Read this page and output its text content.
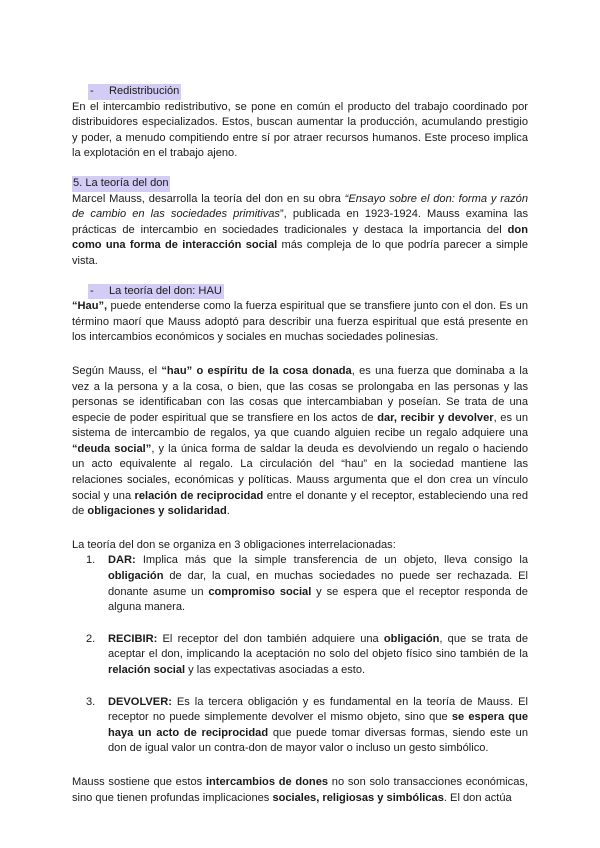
- Redistribución

En el intercambio redistributivo, se pone en común el producto del trabajo coordinado por distribuidores especializados. Estos, buscan aumentar la producción, acumulando prestigio y poder, a menudo compitiendo entre sí por atraer recursos humanos. Este proceso implica la explotación en el trabajo ajeno.

5. La teoría del don

Marcel Mauss, desarrolla la teoría del don en su obra “Ensayo sobre el don: forma y razón de cambio en las sociedades primitivas”, publicada en 1923-1924. Mauss examina las prácticas de intercambio en sociedades tradicionales y destaca la importancia del don como una forma de interacción social más compleja de lo que podría parecer a simple vista.

- La teoría del don: HAU

“Hau”, puede entenderse como la fuerza espiritual que se transfiere junto con el don. Es un término maorí que Mauss adoptó para describir una fuerza espiritual que está presente en los intercambios económicos y sociales en muchas sociedades polinesias.

Según Mauss, el “hau” o espíritu de la cosa donada, es una fuerza que dominaba a la vez a la persona y a la cosa, o bien, que las cosas se prolongaba en las personas y las personas se identificaban con las cosas que intercambiaban y poseían. Se trata de una especie de poder espiritual que se transfiere en los actos de dar, recibir y devolver, es un sistema de intercambio de regalos, ya que cuando alguien recibe un regalo adquiere una “deuda social”, y la única forma de saldar la deuda es devolviendo un regalo o haciendo un acto equivalente al regalo. La circulación del “hau” en la sociedad mantiene las relaciones sociales, económicas y políticas. Mauss argumenta que el don crea un vínculo social y una relación de reciprocidad entre el donante y el receptor, estableciendo una red de obligaciones y solidaridad.

La teoría del don se organiza en 3 obligaciones interrelacionadas:

1.	DAR: Implica más que la simple transferencia de un objeto, lleva consigo la obligación de dar, la cual, en muchas sociedades no puede ser rechazada. El donante asume un compromiso social y se espera que el receptor responda de alguna manera.
2.	RECIBIR: El receptor del don también adquiere una obligación, que se trata de aceptar el don, implicando la aceptación no solo del objeto físico sino también de la relación social y las expectativas asociadas a esto.
3.	DEVOLVER: Es la tercera obligación y es fundamental en la teoría de Mauss. El receptor no puede simplemente devolver el mismo objeto, sino que se espera que haya un acto de reciprocidad que puede tomar diversas formas, siendo este un don de igual valor un contra-don de mayor valor o incluso un gesto simbólico.

Mauss sostiene que estos intercambios de dones no son solo transacciones económicas, sino que tienen profundas implicaciones sociales, religiosas y simbólicas. El don actúa
